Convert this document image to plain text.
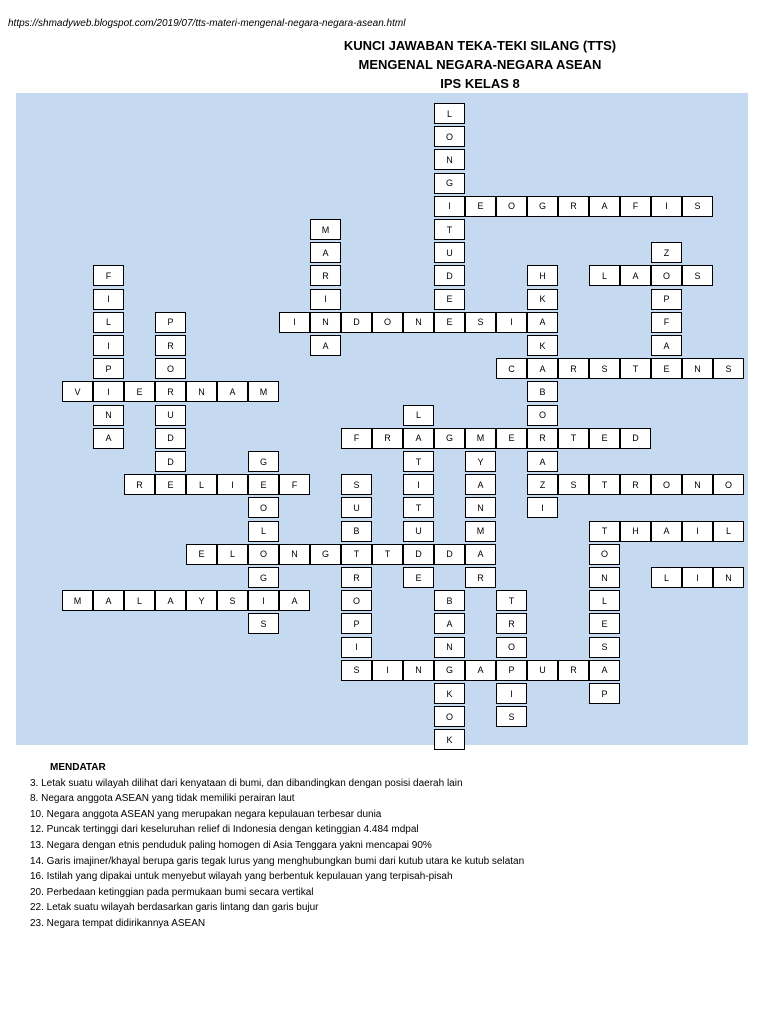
https://shmadyweb.blogspot.com/2019/07/tts-materi-mengenal-negara-negara-asean.html
KUNCI JAWABAN TEKA-TEKI SILANG (TTS)
MENGENAL NEGARA-NEGARA ASEAN
IPS KELAS 8
L
O
N
G
I
T
U
D
E
E	O	G	R	A	F	I	S
M
A
R
I
N
A
Z
O
P
F
A
H
K
A
K
F
I
L
I
P
I
N
A
L	A	S
I	D	O	N	E	S	I
P
R
O
R
U
D
D
C	A	R	S	T	E	N	S
V	E	N	A	M	B
O
R
A
Z
I
L
A
T
I
T
U
D
E
F	R	G	M	E	T	E	D
G
E
O
L
O
G
I
S
Y
A
N
M
A
R
R	E	L	I	F	S
U
B
T
R
O
P
I
S
S	T	R	O	N	O
T	H	A	I	L
O
N
L
E
S
A
P
E	L	N	G	T	D
L	I	N
M	A	L	A	Y	S	A	B
A
N
G
K
O
K
T
R
O
P
I
S
I	N	A	U	R
MENDATAR
3. Letak suatu wilayah dilihat dari kenyataan di bumi, dan dibandingkan dengan posisi daerah lain
8. Negara anggota ASEAN yang tidak memiliki perairan laut
10. Negara anggota ASEAN yang merupakan negara kepulauan terbesar dunia
12. Puncak tertinggi dari keseluruhan relief di Indonesia dengan ketinggian 4.484 mdpal
13. Negara dengan etnis penduduk paling homogen di Asia Tenggara yakni mencapai 90%
14. Garis imajiner/khayal berupa garis tegak lurus yang menghubungkan bumi dari kutub utara ke kutub selatan
16. Istilah yang dipakai untuk menyebut wilayah yang berbentuk kepulauan yang terpisah-pisah
20. Perbedaan ketinggian pada permukaan bumi secara vertikal
22. Letak suatu wilayah berdasarkan garis lintang dan garis bujur
23. Negara tempat didirikannya ASEAN
